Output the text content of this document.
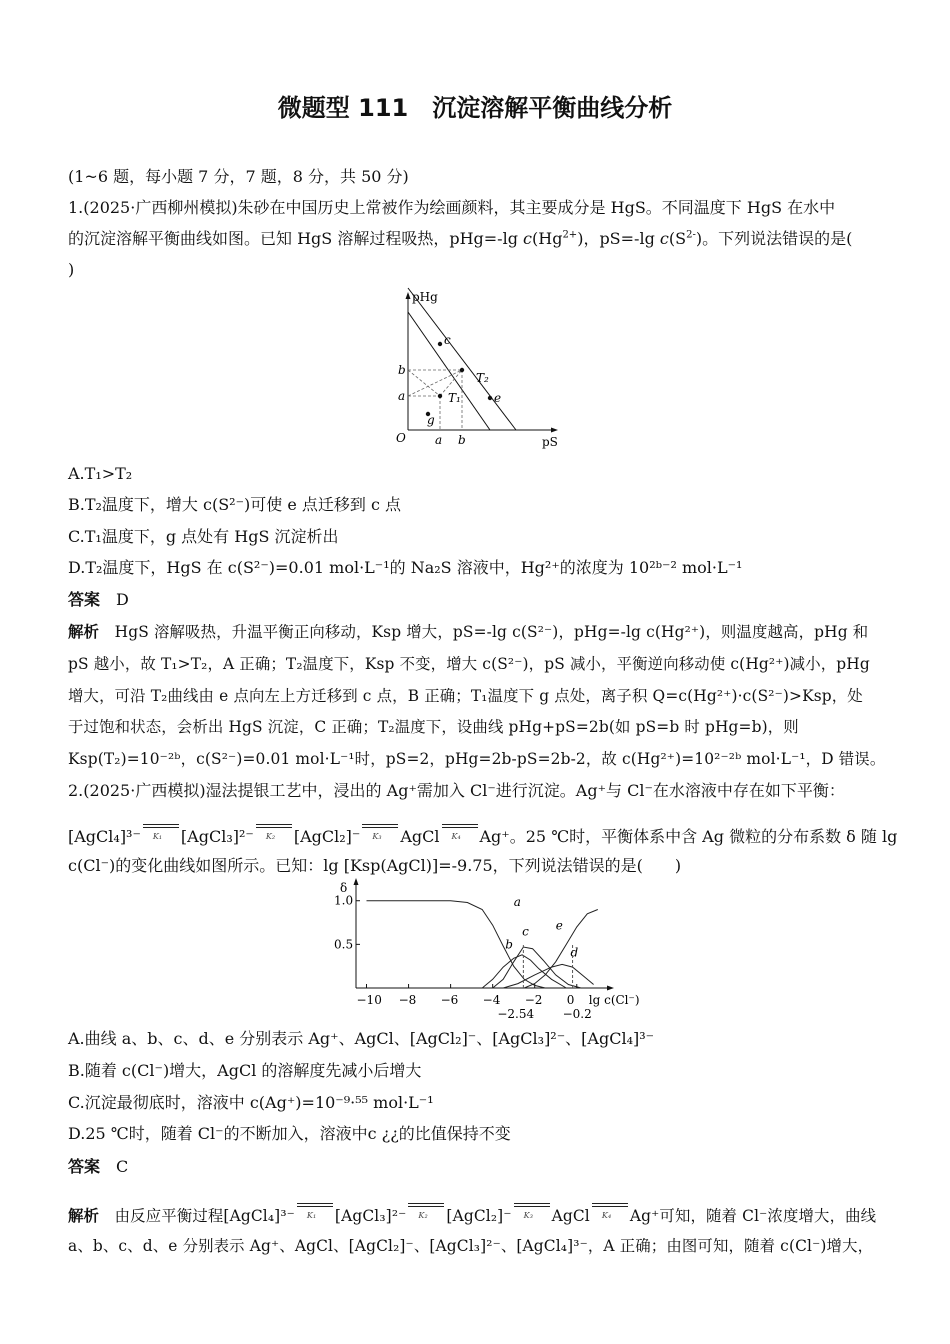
微题型 111　沉淀溶解平衡曲线分析
(1~6 题，每小题 7 分，7 题，8 分，共 50 分)
1.(2025·广西柳州模拟)朱砂在中国历史上常被作为绘画颜料，其主要成分是 HgS。不同温度下 HgS 在水中
的沉淀溶解平衡曲线如图。已知 HgS 溶解过程吸热，pHg=-lg $c(Hg^{2+})$，pS=-lg $c(S^{2-})$。下列说法错误的是(
)
pHg
pS
O
b
a
a b
c
e
g
T₁
T₂
A.T₁>T₂
B.T₂温度下，增大 c(S²⁻)可使 e 点迁移到 c 点
C.T₁温度下，g 点处有 HgS 沉淀析出
D.T₂温度下，HgS 在 c(S²⁻)=0.01 mol·L⁻¹的 Na₂S 溶液中，Hg²⁺的浓度为 10²ᵇ⁻² mol·L⁻¹
答案　 D
解析　 HgS 溶解吸热，升温平衡正向移动，Ksp 增大，pS=-lg c(S²⁻)，pHg=-lg c(Hg²⁺)，则温度越高，pHg 和
pS 越小，故 T₁>T₂，A 正确；T₂温度下，Ksp 不变，增大 c(S²⁻)，pS 减小，平衡逆向移动使 c(Hg²⁺)减小，pHg
增大，可沿 T₂曲线由 e 点向左上方迁移到 c 点，B 正确；T₁温度下 g 点处，离子积 Q=c(Hg²⁺)·c(S²⁻)>Ksp，处
于过饱和状态，会析出 HgS 沉淀，C 正确；T₂温度下，设曲线 pHg+pS=2b(如 pS=b 时 pHg=b)，则
Ksp(T₂)=10⁻²ᵇ，c(S²⁻)=0.01 mol·L⁻¹时，pS=2，pHg=2b-pS=2b-2，故 c(Hg²⁺)=10²⁻²ᵇ mol·L⁻¹，D 错误。
2.(2025·广西模拟)湿法提银工艺中，浸出的 Ag⁺需加入 Cl⁻进行沉淀。Ag⁺与 Cl⁻在水溶液中存在如下平衡：
[AgCl₄]³⁻ K₁ [AgCl₃]²⁻ K₂ [AgCl₂]⁻ K₃ AgCl K₄ Ag⁺。25 ℃时，平衡体系中含 Ag 微粒的分布系数 δ 随 lg
c(Cl⁻)的变化曲线如图所示。已知：lg [Ksp(AgCl)]=-9.75，下列说法错误的是(　　)
δ
0.5
1.0
−10 −8 −6 −4 −2 0 lg c(Cl⁻)
a
b
c
d
e
−2.54 −0.2
A.曲线 a、b、c、d、e 分别表示 Ag⁺、AgCl、[AgCl₂]⁻、[AgCl₃]²⁻、[AgCl₄]³⁻
B.随着 c(Cl⁻)增大，AgCl 的溶解度先减小后增大
C.沉淀最彻底时，溶液中 c(Ag⁺)=10⁻⁹·⁵⁵ mol·L⁻¹
D.25 ℃时，随着 Cl⁻的不断加入，溶液中c ¿¿的比值保持不变
答案　 C
解析　 由反应平衡过程[AgCl₄]³⁻ K₁ [AgCl₃]²⁻ K₂ [AgCl₂]⁻ K₃ AgCl K₄ Ag⁺可知，随着 Cl⁻浓度增大，曲线
a、b、c、d、e 分别表示 Ag⁺、AgCl、[AgCl₂]⁻、[AgCl₃]²⁻、[AgCl₄]³⁻，A 正确；由图可知，随着 c(Cl⁻)增大，
